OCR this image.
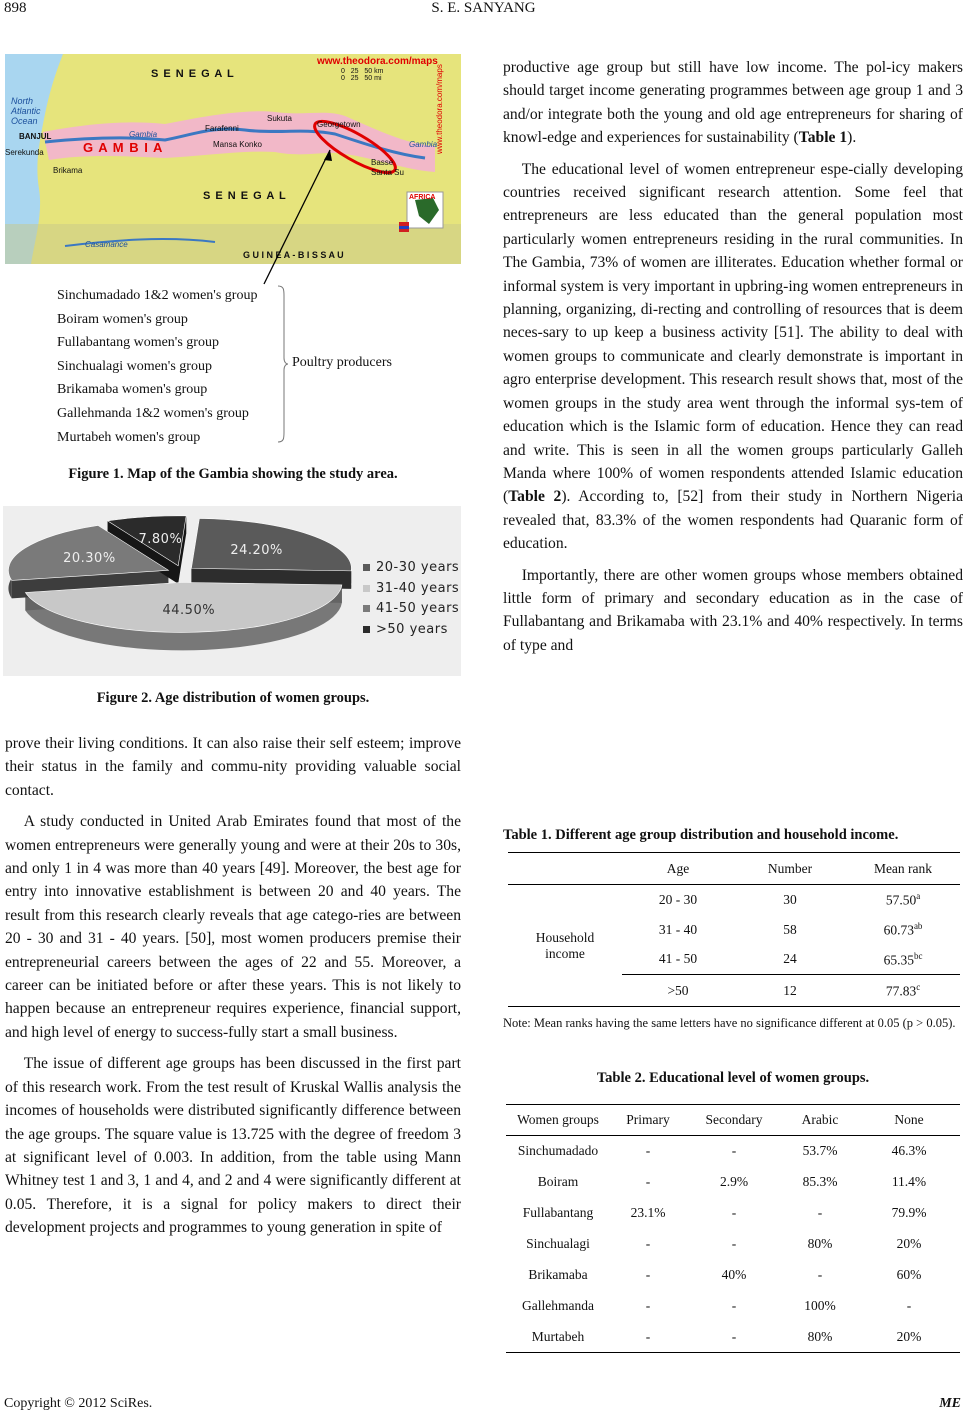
898	S. E. SANYANG
www.theodora.com/maps
S E N E G A L
S E N E G A L
G A M B I A
G U I N E A - B I S S A U
North
Atlantic
Ocean
BANJUL
Serekunda
Brikama
Farafenni
Sukuta
Georgetown
Mansa Konko
Basse
Santa Su
Gambia
Gambia
Casamance
0 25 50 km
0 25 50 mi
AFRICA
www.theodora.com/maps
Sinchumadado 1&2 women's group
Boiram women's group
Fullabantang women's group
Sinchualagi women's group
Brikamaba women's group
Gallehmanda 1&2 women's group
Murtabeh women's group
Poultry producers
Figure 1. Map of the Gambia showing the study area.
24.20%
44.50%
20.30%
7.80%
20-30 years
31-40 years
41-50 years
>50 years
Figure 2. Age distribution of women groups.

prove their living conditions. It can also raise their self esteem; improve their status in the family and commu-nity providing valuable social contact.

A study conducted in United Arab Emirates found that most of the women entrepreneurs were generally young and were at their 20s to 30s, and only 1 in 4 was more than 40 years [49]. Moreover, the best age for entry into innovative establishment is between 20 and 40 years. The result from this research clearly reveals that age catego-ries are between 20 - 30 and 31 - 40 years. [50], most women producers premise their entrepreneurial careers between the ages of 22 and 55. Moreover, a career can be initiated before or after these years. This is not likely to happen because an entrepreneur requires experience, financial support, and high level of energy to success-fully start a small business.

The issue of different age groups has been discussed in the first part of this research work. From the test result of Kruskal Wallis analysis the incomes of households were distributed significantly difference between the age groups. The square value is 13.725 with the degree of freedom 3 at significant level of 0.003. In addition, from the table using Mann Whitney test 1 and 3, 1 and 4, and 2 and 4 were significantly different at 0.05. Therefore, it is a signal for policy makers to direct their development projects and programmes to young generation in spite of

productive age group but still have low income. The pol-icy makers should target income generating programmes between age group 1 and 3 and/or integrate both the young and old age entrepreneurs for sharing of knowl-edge and experiences for sustainability (Table 1).

The educational level of women entrepreneur espe-cially developing countries received significant research attention. Some feel that entrepreneurs are less educated than the general population most particularly women entrepreneurs residing in the rural communities. In The Gambia, 73% of women are illiterates. Education whether formal or informal system is very important in upbring-ing women entrepreneurs in planning, organizing, di-recting and controlling of resources that is deem neces-sary to up keep a business activity [51]. The ability to deal with women groups to communicate and clearly demonstrate is important in agro enterprise development. This research result shows that, most of the women groups in the study area went through the informal sys-tem of education which is the Islamic form of education. Hence they can read and write. This is seen in all the women groups particularly Galleh Manda where 100% of women respondents attended Islamic education (Table 2). According to, [52] from their study in Northern Nigeria revealed that, 83.3% of the women respondents had Quaranic form of education.

Importantly, there are other women groups whose members obtained little form of primary and secondary education as in the case of Fullabantang and Brikamaba with 23.1% and 40% respectively. In terms of type and

Table 1. Different age group distribution and household income.
	Age	Number	Mean rank
Household income	20 - 30	30	57.50$^a$
	31 - 40	58	60.73$^{ab}$
	41 - 50	24	65.35$^{bc}$
	>50	12	77.83$^c$
Note: Mean ranks having the same letters have no significance different at 0.05 (p > 0.05).
Table 2. Educational level of women groups.
Women groups	Primary	Secondary	Arabic	None
Sinchumadado	-	-	53.7%	46.3%
Boiram	-	2.9%	85.3%	11.4%
Fullabantang	23.1%	-	-	79.9%
Sinchualagi	-	-	80%	20%
Brikamaba	-	40%	-	60%
Gallehmanda	-	-	100%	-
Murtabeh	-	-	80%	20%
Copyright © 2012 SciRes.	ME
